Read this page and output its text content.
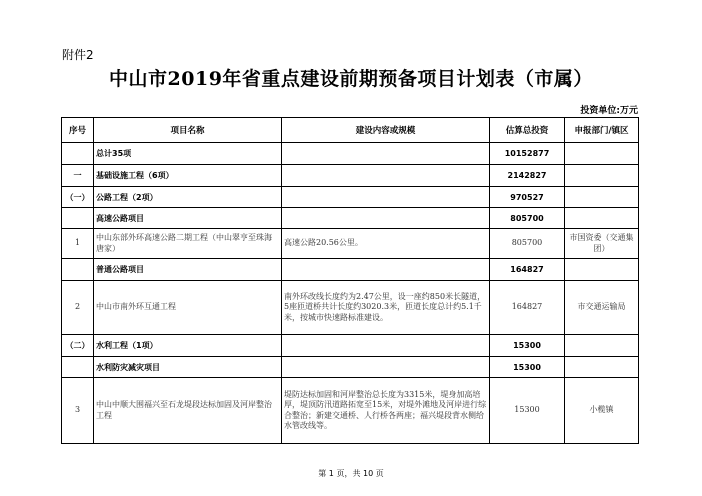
附件2
中山市2019年省重点建设前期预备项目计划表（市属）
投资单位:万元
序号	项目名称	建设内容或规模	估算总投资	申报部门/镇区
	总计35项		10152877	
一	基础设施工程（6项）		2142827	
（一）	公路工程（2项）		970527	
	高速公路项目		805700	
1	中山东部外环高速公路二期工程（中山翠亨至珠海唐家）	高速公路20.56公里。	805700	市国资委（交通集团）
	普通公路项目		164827	
2	中山市南外环互通工程	南外环改线长度约为2.47公里，设一座约850米长隧道，5座匝道桥共计长度约3020.3米，匝道长度总计约5.1千米，按城市快速路标准建设。	164827	市交通运输局
（二）	水利工程（1项）		15300	
	水利防灾减灾项目		15300	
3	中山中顺大围福兴至石龙堤段达标加固及河岸整治工程	堤防达标加固和河岸整治总长度为3315米，堤身加高培厚，堤顶防汛道路拓宽至15米，对堤外滩地及河岸进行综合整治；新建交通桥、人行桥各两座；福兴堤段背水侧给水管改线等。	15300	小榄镇
第 1 页，共 10 页
